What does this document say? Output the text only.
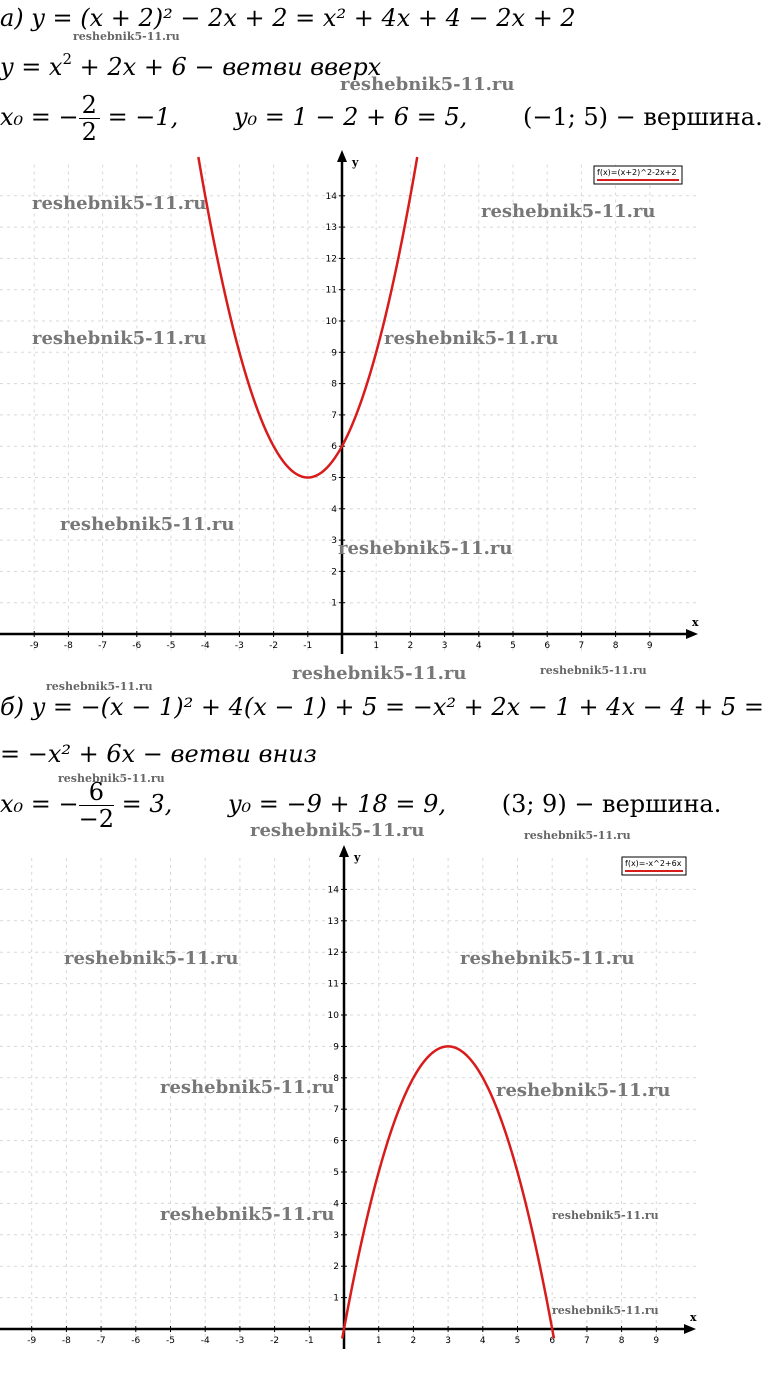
а) y = (x + 2)² − 2x + 2 = x² + 4x + 4 − 2x + 2
$y = x^2 + 2x + 6$ − ветви вверх
x₀ = − $\frac{2}{2} = -1$, y₀ = 1 − 2 + 6 = 5, (−1; 5) − вершина.
x
y
-9	-8	-7	-6	-5	-4	-3	-2	-1	1	2	3	4	5	6	7	8	9
1
2
3
4
5
6
7
8
9
10
11
12
13
14
f(x)=(x+2)^2-2x+2
б) y = −(x − 1)² + 4(x − 1) + 5 = −x² + 2x − 1 + 4x − 4 + 5 =
= −x² + 6x − ветви вниз
x₀ = − $\frac{6}{-2} = 3$, y₀ = −9 + 18 = 9, (3; 9) − вершина.
x
y
-9	-8	-7	-6	-5	-4	-3	-2	-1	1	2	3	4	5	6	7	8	9
1
2
3
4
5
6
7
8
9
10
11
12
13
14
f(x)=-x^2+6x
reshebnik5-11.ru
reshebnik5-11.ru
reshebnik5-11.ru	reshebnik5-11.ru
reshebnik5-11.ru	reshebnik5-11.ru
reshebnik5-11.ru
reshebnik5-11.ru
reshebnik5-11.ru	reshebnik5-11.ru
reshebnik5-11.ru
reshebnik5-11.ru
reshebnik5-11.ru	reshebnik5-11.ru
reshebnik5-11.ru	reshebnik5-11.ru
reshebnik5-11.ru	reshebnik5-11.ru
reshebnik5-11.ru	reshebnik5-11.ru
reshebnik5-11.ru
